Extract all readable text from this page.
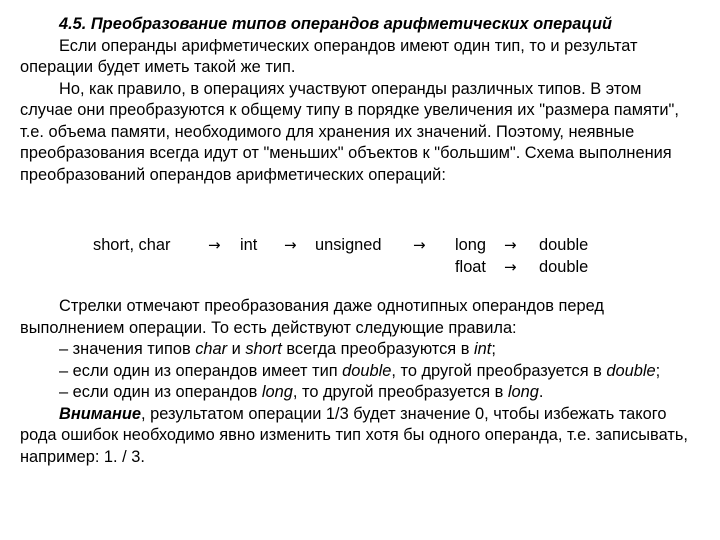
4.5. Преобразование типов операндов арифметических операций

Если операнды арифметических операндов имеют один тип, то и результат операции будет иметь такой же тип.

Но, как правило, в операциях участвуют операнды различных типов. В этом случае они преобразуются к общему типу в порядке увеличения их "размера памяти", т.е. объема памяти, необходимого для хранения их значений. Поэтому, неявные преобразования всегда идут от "меньших" объектов к "большим". Схема выполнения преобразований операндов арифметических операций:

short, char	→ int → unsigned → long → double
float → double

Стрелки отмечают преобразования даже однотипных операндов перед выполнением операции. То есть действуют следующие правила:

– значения типов char и short всегда преобразуются в int;

– если один из операндов имеет тип double, то другой преобразуется в double;

– если один из операндов long, то другой преобразуется в long.

Внимание, результатом операции 1/3 будет значение 0, чтобы избежать такого рода ошибок необходимо явно изменить тип хотя бы одного операнда, т.е. записывать, например: 1. / 3.
